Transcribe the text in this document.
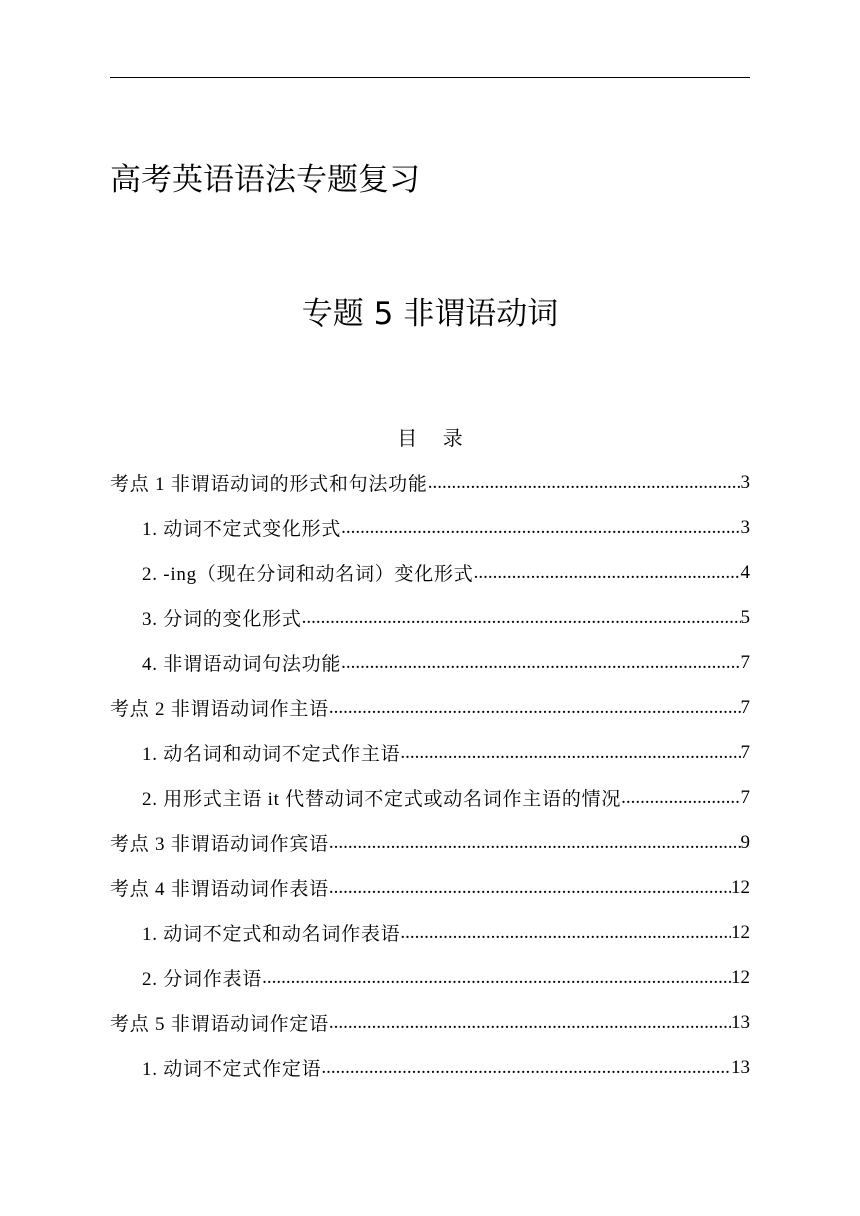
高考英语语法专题复习
专题 5 非谓语动词
目    录
考点 1 非谓语动词的形式和句法功能 .....	3
1. 动词不定式变化形式 .....	3
2. -ing（现在分词和动名词）变化形式 .....	4
3. 分词的变化形式 .....	5
4. 非谓语动词句法功能 .....	7
考点 2 非谓语动词作主语 .....	7
1. 动名词和动词不定式作主语 .....	7
2. 用形式主语 it 代替动词不定式或动名词作主语的情况 .....	7
考点 3 非谓语动词作宾语 .....	9
考点 4 非谓语动词作表语 .....	12
1. 动词不定式和动名词作表语 .....	12
2. 分词作表语 .....	12
考点 5 非谓语动词作定语 .....	13
1. 动词不定式作定语 .....	13
